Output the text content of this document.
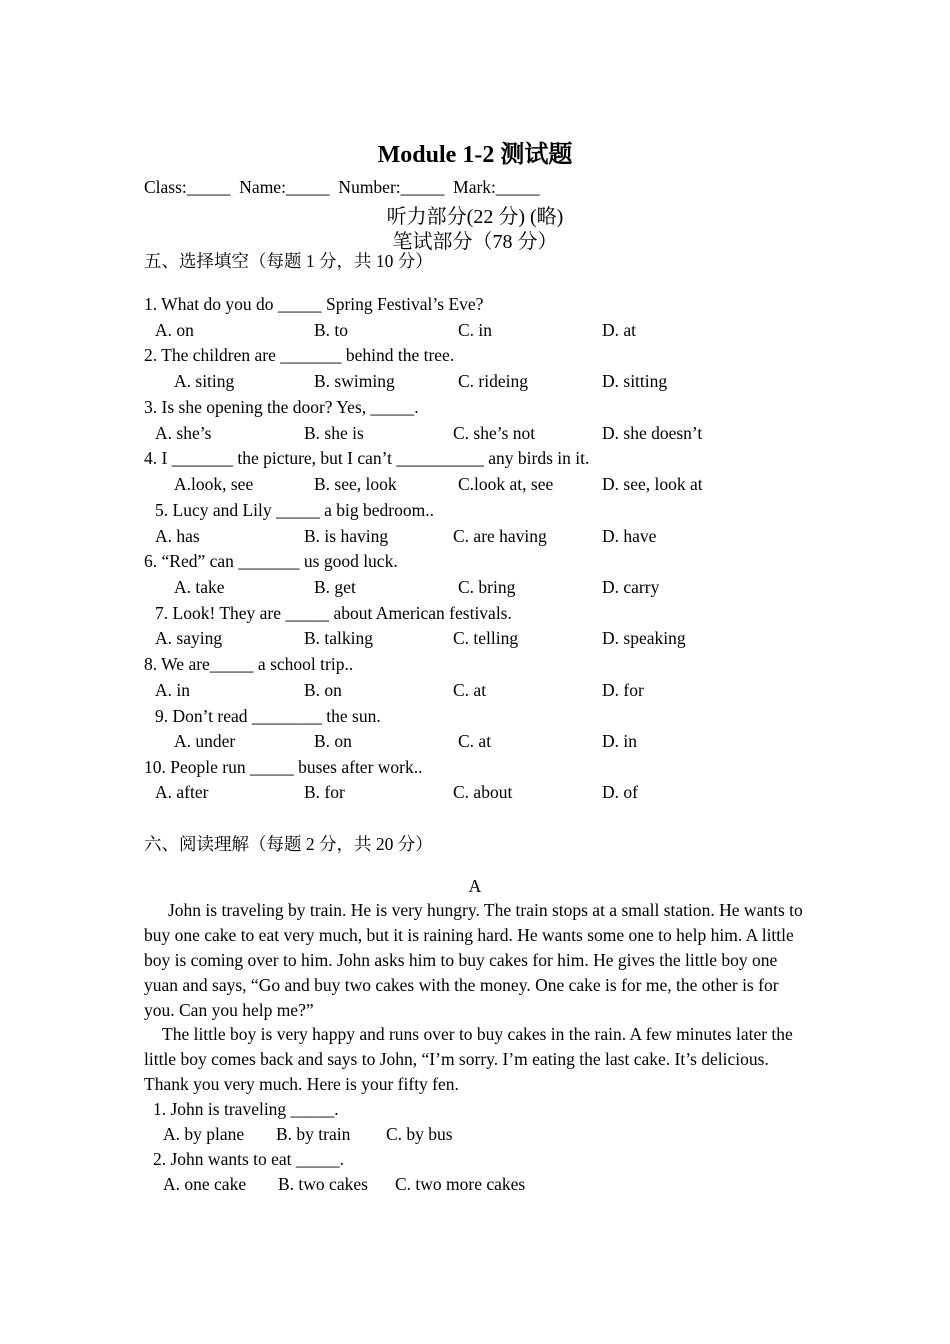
Module 1-2 测试题
Class:_____  Name:_____  Number:_____  Mark:_____
听力部分(22 分) (略)
笔试部分（78 分）
五、选择填空（每题 1 分，共 10 分）
1. What do you do _____ Spring Festival’s Eve?
A. on	B. to	C. in	D. at
2. The children are _______ behind the tree.
A. siting	B. swiming	C. rideing	D. sitting
3. Is she opening the door? Yes, _____.
A. she’s	B. she is	C. she’s not	D. she doesn’t
4. I _______ the picture, but I can’t __________ any birds in it.
A.look, see	B. see, look	C.look at, see	D. see, look at
5. Lucy and Lily _____ a big bedroom..
A. has	B. is having	C. are having	D. have
6. “Red” can _______ us good luck.
A. take	B. get	C. bring	D. carry
7. Look! They are _____ about American festivals.
A. saying	B. talking	C. telling	D. speaking
8. We are_____ a school trip..
A. in	B. on	C. at	D. for
9. Don’t read ________ the sun.
A. under	B. on	C. at	D. in
10. People run _____ buses after work..
A. after	B. for	C. about	D. of
六、阅读理解（每题 2 分，共 20 分）
A
John is traveling by train. He is very hungry. The train stops at a small station. He wants to buy one cake to eat very much, but it is raining hard. He wants some one to help him. A little boy is coming over to him. John asks him to buy cakes for him. He gives the little boy one yuan and says, “Go and buy two cakes with the money. One cake is for me, the other is for you. Can you help me?”
The little boy is very happy and runs over to buy cakes in the rain. A few minutes later the little boy comes back and says to John, “I’m sorry. I’m eating the last cake. It’s delicious. Thank you very much. Here is your fifty fen.
1. John is traveling _____.
A. by plane B. by train C. by bus
2. John wants to eat _____.
A. one cake B. two cakes C. two more cakes
